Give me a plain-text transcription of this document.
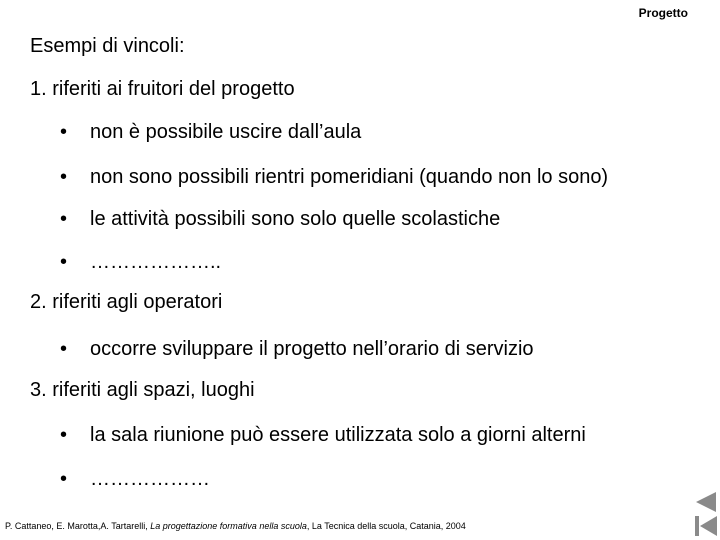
Progetto
Esempi di vincoli:
1. riferiti ai fruitori del progetto
• non è possibile uscire dall’aula
• non sono possibili rientri pomeridiani (quando non lo sono)
• le attività possibili sono solo quelle scolastiche
• ………………..
2. riferiti agli operatori
• occorre sviluppare il progetto nell’orario di servizio
3. riferiti agli spazi, luoghi
• la sala riunione può essere utilizzata solo a giorni alterni
• ………………
P. Cattaneo, E. Marotta,A. Tartarelli, La progettazione formativa nella scuola, La Tecnica della scuola, Catania, 2004
